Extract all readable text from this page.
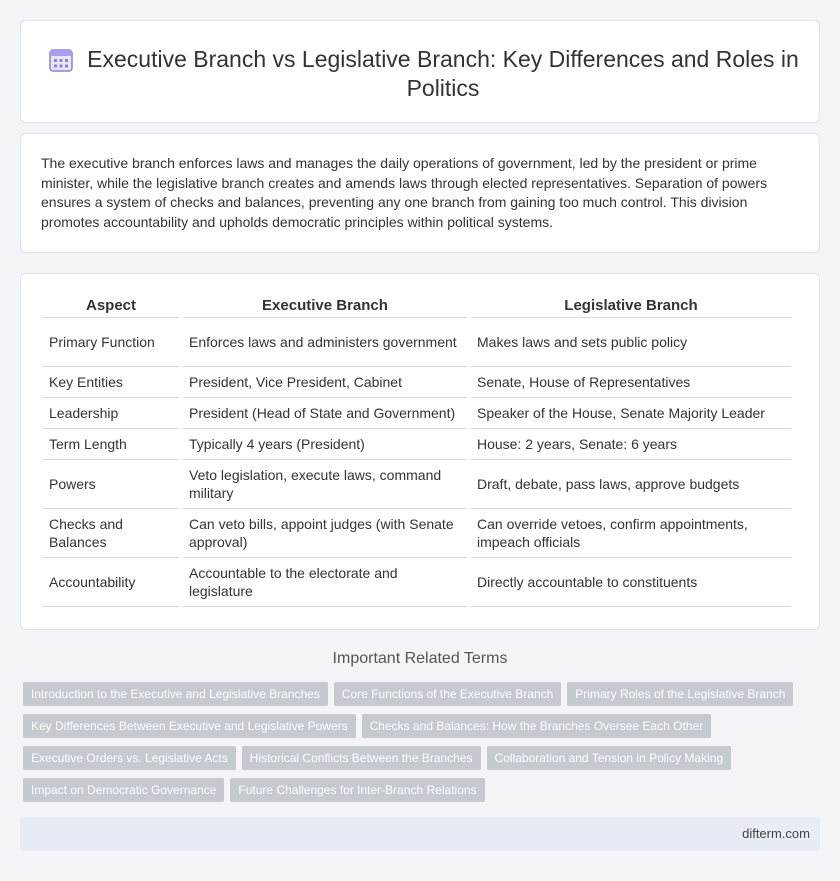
Executive Branch vs Legislative Branch: Key Differences and Roles in Politics

The executive branch enforces laws and manages the daily operations of government, led by the president or prime minister, while the legislative branch creates and amends laws through elected representatives. Separation of powers ensures a system of checks and balances, preventing any one branch from gaining too much control. This division promotes accountability and upholds democratic principles within political systems.

Aspect	Executive Branch	Legislative Branch
Primary Function	Enforces laws and administers government	Makes laws and sets public policy
Key Entities	President, Vice President, Cabinet	Senate, House of Representatives
Leadership	President (Head of State and Government)	Speaker of the House, Senate Majority Leader
Term Length	Typically 4 years (President)	House: 2 years, Senate: 6 years
Powers	Veto legislation, execute laws, command military	Draft, debate, pass laws, approve budgets
Checks and Balances	Can veto bills, appoint judges (with Senate approval)	Can override vetoes, confirm appointments, impeach officials
Accountability	Accountable to the electorate and legislature	Directly accountable to constituents
Important Related Terms
Introduction to the Executive and Legislative Branches Core Functions of the Executive Branch Primary Roles of the Legislative Branch
Key Differences Between Executive and Legislative Powers Checks and Balances: How the Branches Oversee Each Other
Executive Orders vs. Legislative Acts Historical Conflicts Between the Branches Collaboration and Tension in Policy Making
Impact on Democratic Governance Future Challenges for Inter-Branch Relations
difterm.com
